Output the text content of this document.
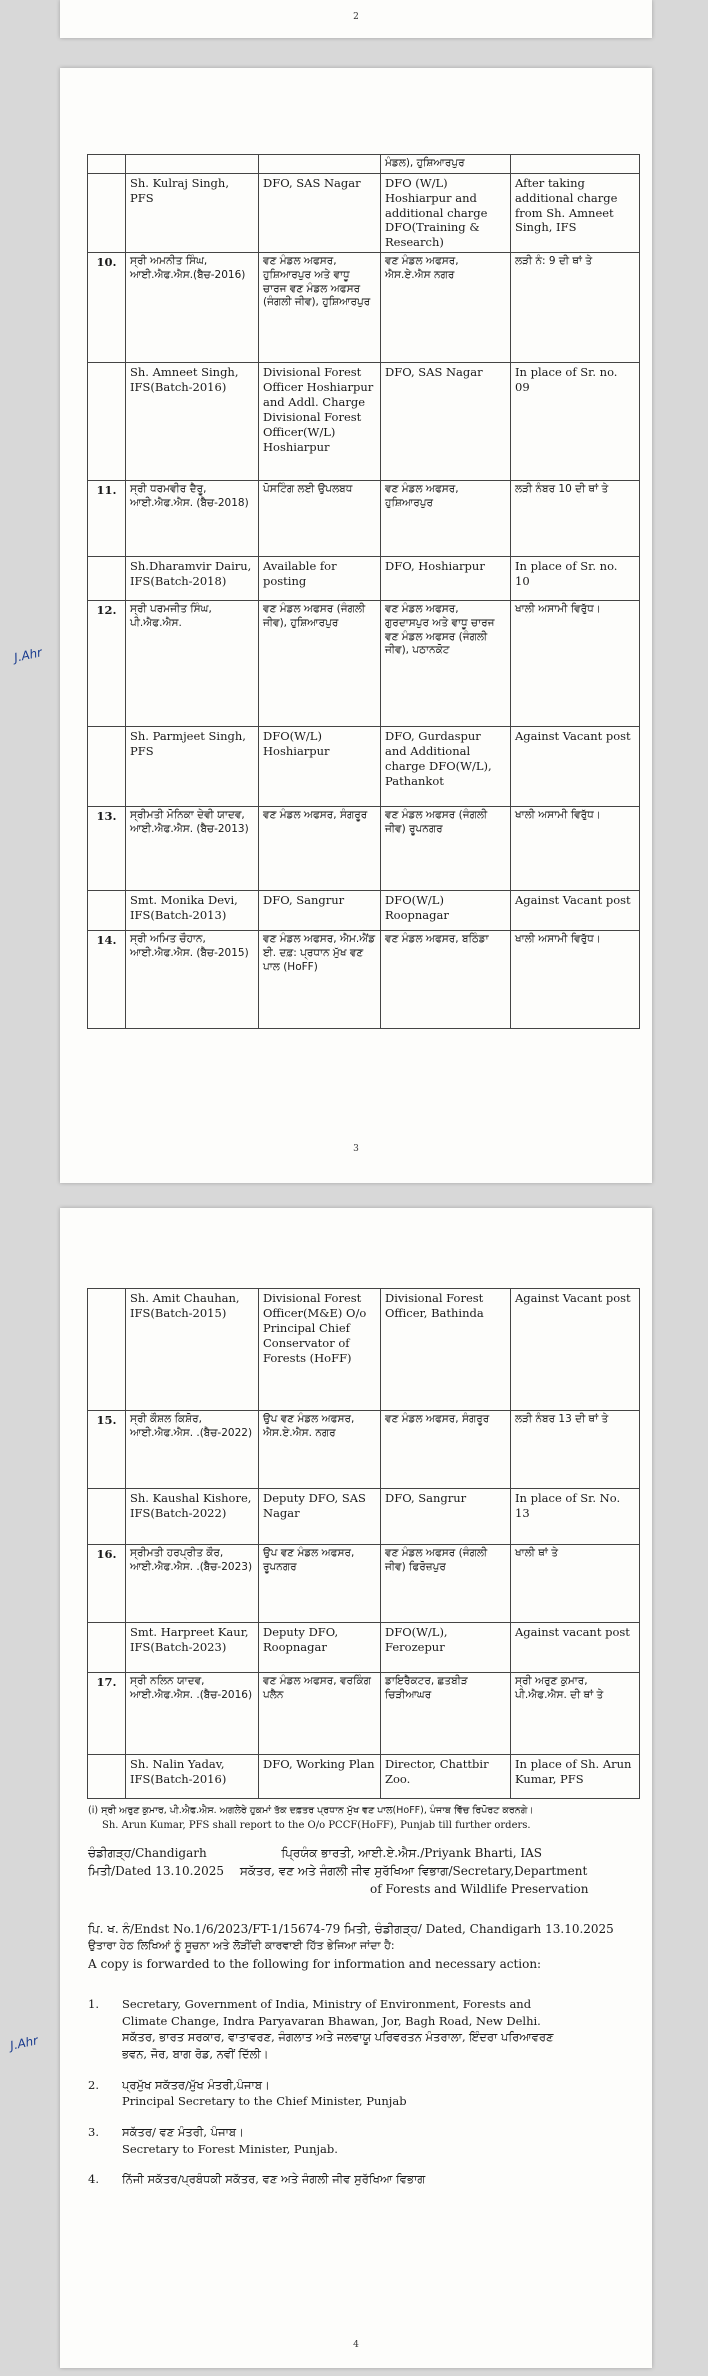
2
			ਮੰਡਲ), ਹੁਸ਼ਿਆਰਪੁਰ	
	Sh. Kulraj Singh, PFS	DFO, SAS Nagar	DFO (W/L) Hoshiarpur and additional charge DFO(Training & Research)	After taking additional charge from Sh. Amneet Singh, IFS
10.	ਸ੍ਰੀ ਅਮਨੀਤ ਸਿੰਘ, ਆਈ.ਐਫ.ਐਸ.(ਬੈਚ-2016)	ਵਣ ਮੰਡਲ ਅਫਸਰ, ਹੁਸ਼ਿਆਰਪੁਰ ਅਤੇ ਵਾਧੂ ਚਾਰਜ ਵਣ ਮੰਡਲ ਅਫਸਰ (ਜੰਗਲੀ ਜੀਵ), ਹੁਸ਼ਿਆਰਪੁਰ	ਵਣ ਮੰਡਲ ਅਫਸਰ, ਐਸ.ਏ.ਐਸ ਨਗਰ	ਲੜੀ ਨੰ: 9 ਦੀ ਥਾਂ ਤੇ
	Sh. Amneet Singh, IFS(Batch-2016)	Divisional Forest Officer Hoshiarpur and Addl. Charge Divisional Forest Officer(W/L) Hoshiarpur	DFO, SAS Nagar	In place of Sr. no. 09
11.	ਸ੍ਰੀ ਧਰਮਵੀਰ ਦੈਰੂ, ਆਈ.ਐਫ.ਐਸ. (ਬੈਚ-2018)	ਪੋਸਟਿੰਗ ਲਈ ਉਪਲਬਧ	ਵਣ ਮੰਡਲ ਅਫਸਰ, ਹੁਸ਼ਿਆਰਪੁਰ	ਲੜੀ ਨੰਬਰ 10 ਦੀ ਥਾਂ ਤੇ
	Sh.Dharamvir Dairu, IFS(Batch-2018)	Available for posting	DFO, Hoshiarpur	In place of Sr. no. 10
12.	ਸ੍ਰੀ ਪਰਮਜੀਤ ਸਿੰਘ, ਪੀ.ਐਫ.ਐਸ.	ਵਣ ਮੰਡਲ ਅਫਸਰ (ਜੰਗਲੀ ਜੀਵ), ਹੁਸ਼ਿਆਰਪੁਰ	ਵਣ ਮੰਡਲ ਅਫਸਰ, ਗੁਰਦਾਸਪੁਰ ਅਤੇ ਵਾਧੂ ਚਾਰਜ ਵਣ ਮੰਡਲ ਅਫਸਰ (ਜੰਗਲੀ ਜੀਵ), ਪਠਾਨਕੋਟ	ਖਾਲੀ ਅਸਾਮੀ ਵਿਰੁੱਧ।
	Sh. Parmjeet Singh, PFS	DFO(W/L) Hoshiarpur	DFO, Gurdaspur and Additional charge DFO(W/L), Pathankot	Against Vacant post
13.	ਸ੍ਰੀਮਤੀ ਮੋਨਿਕਾ ਦੇਵੀ ਯਾਦਵ, ਆਈ.ਐਫ.ਐਸ. (ਬੈਚ-2013)	ਵਣ ਮੰਡਲ ਅਫਸਰ, ਸੰਗਰੂਰ	ਵਣ ਮੰਡਲ ਅਫਸਰ (ਜੰਗਲੀ ਜੀਵ) ਰੂਪਨਗਰ	ਖਾਲੀ ਅਸਾਮੀ ਵਿਰੁੱਧ।
	Smt. Monika Devi, IFS(Batch-2013)	DFO, Sangrur	DFO(W/L) Roopnagar	Against Vacant post
14.	ਸ੍ਰੀ ਅਮਿਤ ਚੌਹਾਨ, ਆਈ.ਐਫ.ਐਸ. (ਬੈਚ-2015)	ਵਣ ਮੰਡਲ ਅਫਸਰ, ਐਮ.ਐਂਡ ਈ. ਦਫ਼: ਪ੍ਰਧਾਨ ਮੁੱਖ ਵਣ ਪਾਲ (HoFF)	ਵਣ ਮੰਡਲ ਅਫਸਰ, ਬਠਿੰਡਾ	ਖਾਲੀ ਅਸਾਮੀ ਵਿਰੁੱਧ।
J.Ahr
3
	Sh. Amit Chauhan, IFS(Batch-2015)	Divisional Forest Officer(M&E) O/o Principal Chief Conservator of Forests (HoFF)	Divisional Forest Officer, Bathinda	Against Vacant post
15.	ਸ੍ਰੀ ਕੌਸ਼ਲ ਕਿਸ਼ੋਰ, ਆਈ.ਐਫ.ਐਸ. .(ਬੈਚ-2022)	ਉਪ ਵਣ ਮੰਡਲ ਅਫਸਰ, ਐਸ.ਏ.ਐਸ. ਨਗਰ	ਵਣ ਮੰਡਲ ਅਫਸਰ, ਸੰਗਰੂਰ	ਲੜੀ ਨੰਬਰ 13 ਦੀ ਥਾਂ ਤੇ
	Sh. Kaushal Kishore, IFS(Batch-2022)	Deputy DFO, SAS Nagar	DFO, Sangrur	In place of Sr. No. 13
16.	ਸ੍ਰੀਮਤੀ ਹਰਪ੍ਰੀਤ ਕੌਰ, ਆਈ.ਐਫ.ਐਸ. .(ਬੈਚ-2023)	ਉਪ ਵਣ ਮੰਡਲ ਅਫਸਰ, ਰੂਪਨਗਰ	ਵਣ ਮੰਡਲ ਅਫਸਰ (ਜੰਗਲੀ ਜੀਵ) ਫਿਰੋਜ਼ਪੁਰ	ਖਾਲੀ ਥਾਂ ਤੇ
	Smt. Harpreet Kaur, IFS(Batch-2023)	Deputy DFO, Roopnagar	DFO(W/L), Ferozepur	Against vacant post
17.	ਸ੍ਰੀ ਨਲਿਨ ਯਾਦਵ, ਆਈ.ਐਫ.ਐਸ. .(ਬੈਚ-2016)	ਵਣ ਮੰਡਲ ਅਫਸਰ, ਵਰਕਿੰਗ ਪਲੈਨ	ਡਾਇਰੈਕਟਰ, ਛਤਬੀੜ ਚਿੜੀਆਘਰ	ਸ੍ਰੀ ਅਰੁਣ ਕੁਮਾਰ, ਪੀ.ਐਫ.ਐਸ. ਦੀ ਥਾਂ ਤੇ
	Sh. Nalin Yadav, IFS(Batch-2016)	DFO, Working Plan	Director, Chattbir Zoo.	In place of Sh. Arun Kumar, PFS
(i) ਸ੍ਰੀ ਅਰੁਣ ਕੁਮਾਰ, ਪੀ.ਐਫ.ਐਸ. ਅਗਲੇਰੇ ਹੁਕਮਾਂ ਤੱਕ ਦਫ਼ਤਰ ਪ੍ਰਧਾਨ ਮੁੱਖ ਵਣ ਪਾਲ(HoFF), ਪੰਜਾਬ ਵਿੱਚ ਰਿਪੋਰਟ ਕਰਨਗੇ।
Sh. Arun Kumar, PFS shall report to the O/o PCCF(HoFF), Punjab till further orders.
ਚੰਡੀਗੜ੍ਹ/Chandigarh	ਪ੍ਰਿਯੰਕ ਭਾਰਤੀ, ਆਈ.ਏ.ਐਸ./Priyank Bharti, IAS
ਮਿਤੀ/Dated 13.10.2025 ਸਕੱਤਰ, ਵਣ ਅਤੇ ਜੰਗਲੀ ਜੀਵ ਸੁਰੱਖਿਆ ਵਿਭਾਗ/Secretary,Department
of Forests and Wildlife Preservation
ਪਿ. ਖ. ਨੰ/Endst No.1/6/2023/FT-1/15674-79 ਮਿਤੀ, ਚੰਡੀਗੜ੍ਹ/ Dated, Chandigarh 13.10.2025
ਉਤਾਰਾ ਹੇਠ ਲਿਖਿਆਂ ਨੂੰ ਸੂਚਨਾ ਅਤੇ ਲੋੜੀਂਦੀ ਕਾਰਵਾਈ ਹਿੱਤ ਭੇਜਿਆ ਜਾਂਦਾ ਹੈ:
A copy is forwarded to the following for information and necessary action:
1. Secretary, Government of India, Ministry of Environment, Forests and
Climate Change, Indra Paryavaran Bhawan, Jor, Bagh Road, New Delhi.
ਸਕੱਤਰ, ਭਾਰਤ ਸਰਕਾਰ, ਵਾਤਾਵਰਣ, ਜੰਗਲਾਤ ਅਤੇ ਜਲਵਾਯੂ ਪਰਿਵਰਤਨ ਮੰਤਰਾਲਾ, ਇੰਦਰਾ ਪਰਿਆਵਰਣ
ਭਵਨ, ਜੋਰ, ਬਾਗ ਰੋਡ, ਨਵੀਂ ਦਿੱਲੀ।
2. ਪ੍ਰਮੁੱਖ ਸਕੱਤਰ/ਮੁੱਖ ਮੰਤਰੀ,ਪੰਜਾਬ।
Principal Secretary to the Chief Minister, Punjab
3. ਸਕੱਤਰ/ ਵਣ ਮੰਤਰੀ, ਪੰਜਾਬ।
Secretary to Forest Minister, Punjab.
4. ਨਿੱਜੀ ਸਕੱਤਰ/ਪ੍ਰਬੰਧਕੀ ਸਕੱਤਰ, ਵਣ ਅਤੇ ਜੰਗਲੀ ਜੀਵ ਸੁਰੱਖਿਆ ਵਿਭਾਗ
J.Ahr
4
